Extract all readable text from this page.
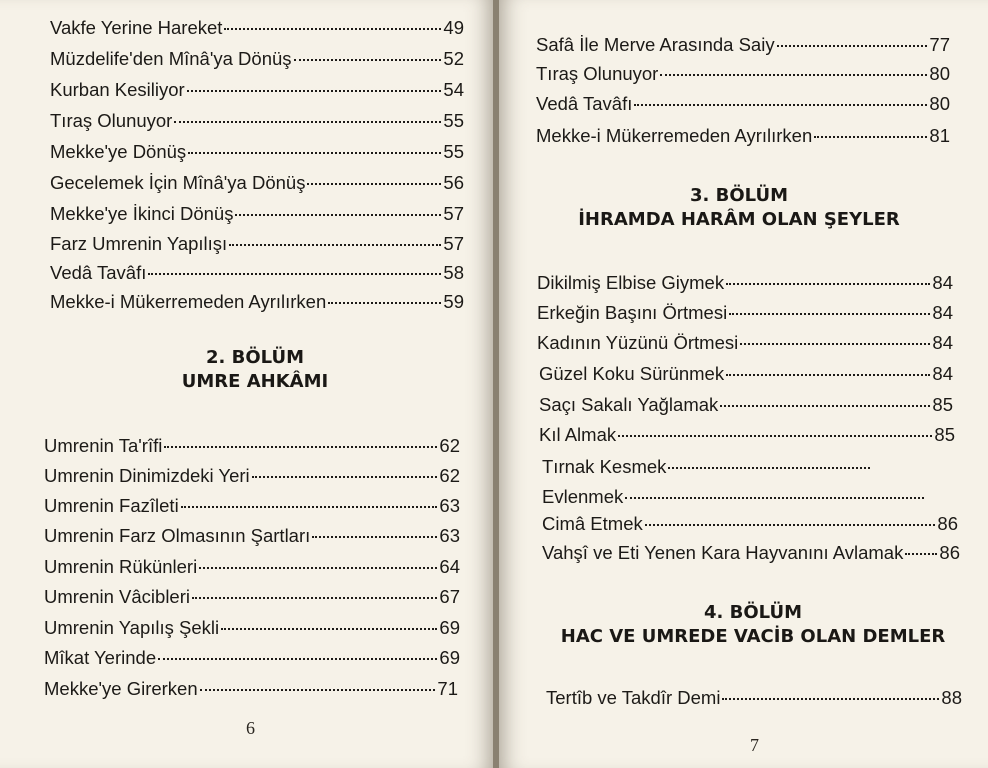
Vakfe Yerine Hareket	49
Müzdelife'den Mînâ'ya Dönüş	52
Kurban Kesiliyor	54
Tıraş Olunuyor	55
Mekke'ye Dönüş	55
Gecelemek İçin Mînâ'ya Dönüş	56
Mekke'ye İkinci Dönüş	57
Farz Umrenin Yapılışı	57
Vedâ Tavâfı	58
Mekke-i Mükerremeden Ayrılırken	59
2. BÖLÜM
UMRE AHKÂMI
Umrenin Ta'rîfi	62
Umrenin Dinimizdeki Yeri	62
Umrenin Fazîleti	63
Umrenin Farz Olmasının Şartları	63
Umrenin Rükünleri	64
Umrenin Vâcibleri	67
Umrenin Yapılış Şekli	69
Mîkat Yerinde	69
Mekke'ye Girerken	71
6
Safâ İle Merve Arasında Saiy	77
Tıraş Olunuyor	80
Vedâ Tavâfı	80
Mekke-i Mükerremeden Ayrılırken	81
3. BÖLÜM
İHRAMDA HARÂM OLAN ŞEYLER
Dikilmiş Elbise Giymek	84
Erkeğin Başını Örtmesi	84
Kadının Yüzünü Örtmesi	84
Güzel Koku Sürünmek	84
Saçı Sakalı Yağlamak	85
Kıl Almak	85
Tırnak Kesmek
Evlenmek
Cimâ Etmek	86
Vahşî ve Eti Yenen Kara Hayvanını Avlamak 86
4. BÖLÜM
HAC VE UMREDE VACİB OLAN DEMLER
Tertîb ve Takdîr Demi	88
7
